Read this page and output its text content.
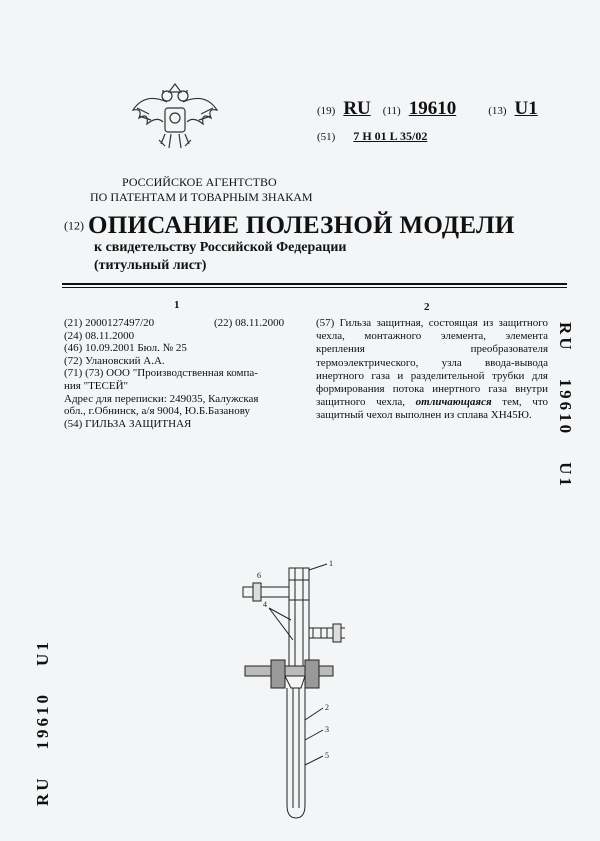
(19) RU (11) 19610	(13) U1
(51) 7 H 01 L 35/02
РОССИЙСКОЕ АГЕНТСТВО
ПО ПАТЕНТАМ И ТОВАРНЫМ ЗНАКАМ
(12) ОПИСАНИЕ ПОЛЕЗНОЙ МОДЕЛИ
к свидетельству Российской Федерации
(титульный лист)
1	2
(21) 2000127497/20	(22) 08.11.2000
(24) 08.11.2000
(46) 10.09.2001 Бюл. № 25
(72) Улановский А.А.
(71) (73) ООО "Производственная компа-
ния "ТЕСЕЙ"
Адрес для переписки: 249035, Калужская
обл., г.Обнинск, а/я 9004, Ю.Б.Базанову
(54) ГИЛЬЗА ЗАЩИТНАЯ
(57) Гильза защитная, состоящая из защитного чехла, монтажного элемента, элемента крепления преобразователя термоэлектрического, узла ввода-вывода инертного газа и разделительной трубки для формирования потока инертного газа внутри защитного чехла, отличающаяся тем, что защитный чехол выполнен из сплава ХН45Ю.
RU19610U1
RU19610U1
1
4
6
2
3
5
